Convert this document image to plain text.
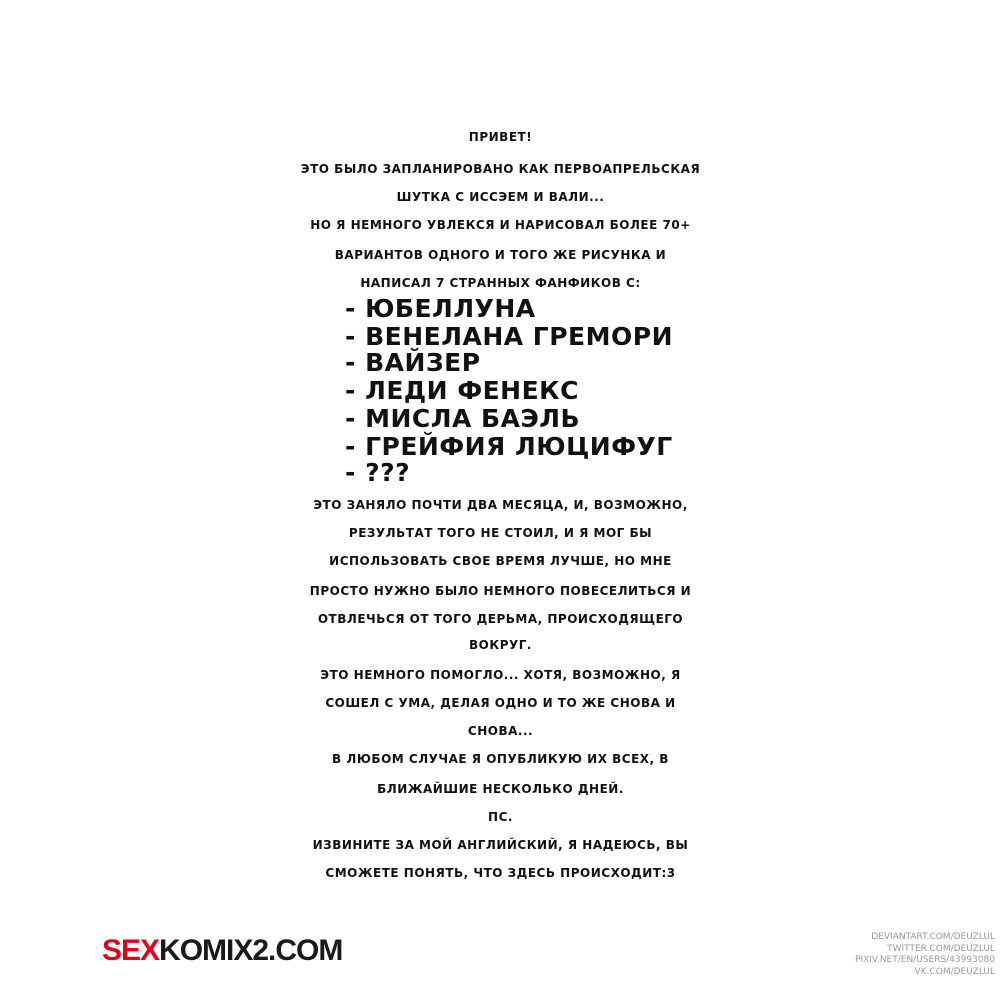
ПРИВЕТ!
ЭТО БЫЛО ЗАПЛАНИРОВАНО КАК ПЕРВОАПРЕЛЬСКАЯ
ШУТКА С ИССЭЕМ И ВАЛИ...
НО Я НЕМНОГО УВЛЕКСЯ И НАРИСОВАЛ БОЛЕЕ 70+
ВАРИАНТОВ ОДНОГО И ТОГО ЖЕ РИСУНКА И
НАПИСАЛ 7 СТРАННЫХ ФАНФИКОВ С:
- ЮБЕЛЛУНА
- ВЕНЕЛАНА ГРЕМОРИ
- ВАЙЗЕР
- ЛЕДИ ФЕНЕКС
- МИСЛА БАЭЛЬ
- ГРЕЙФИЯ ЛЮЦИФУГ
- ???
ЭТО ЗАНЯЛО ПОЧТИ ДВА МЕСЯЦА, И, ВОЗМОЖНО,
РЕЗУЛЬТАТ ТОГО НЕ СТОИЛ, И Я МОГ БЫ
ИСПОЛЬЗОВАТЬ СВОЕ ВРЕМЯ ЛУЧШЕ, НО МНЕ
ПРОСТО НУЖНО БЫЛО НЕМНОГО ПОВЕСЕЛИТЬСЯ И
ОТВЛЕЧЬСЯ ОТ ТОГО ДЕРЬМА, ПРОИСХОДЯЩЕГО
ВОКРУГ.
ЭТО НЕМНОГО ПОМОГЛО... ХОТЯ, ВОЗМОЖНО, Я
СОШЕЛ С УМА, ДЕЛАЯ ОДНО И ТО ЖЕ СНОВА И
СНОВА...
В ЛЮБОМ СЛУЧАЕ Я ОПУБЛИКУЮ ИХ ВСЕХ, В
БЛИЖАЙШИЕ НЕСКОЛЬКО ДНЕЙ.
ПС.
ИЗВИНИТЕ ЗА МОЙ АНГЛИЙСКИЙ, Я НАДЕЮСЬ, ВЫ
СМОЖЕТЕ ПОНЯТЬ, ЧТО ЗДЕСЬ ПРОИСХОДИТ:3
SEXKOMIX2.COM	DEVIANTART.COM/DEUZLUL
TWITTER.COM/DEUZLUL
PIXIV.NET/EN/USERS/43993080
VK.COM/DEUZLUL
